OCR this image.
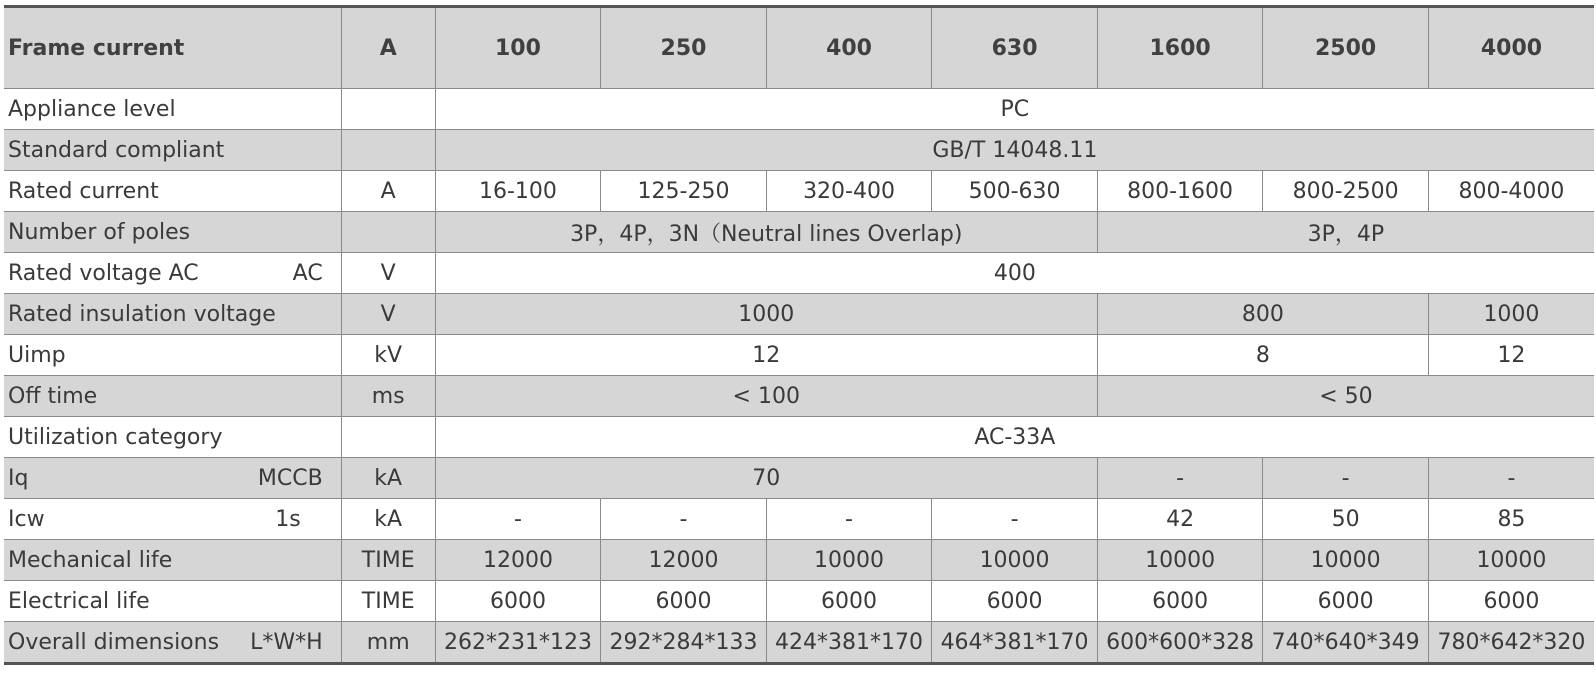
Frame current	A	100	250	400	630	1600	2500	4000
Appliance level		PC						
Standard compliant		GB/T 14048.11						
Rated current	A	16-100	125-250	320-400	500-630	800-1600	800-2500	800-4000
Number of poles		3P，4P，3N（Neutral lines Overlap)				3P，4P		

Rated voltage AC AC	V	400						
Rated insulation voltage	V	1000				800		1000
Uimp	kV	12				8		12
Off time	ms	< 100				< 50		
Utilization category		AC-33A						

Iq MCCB	kA	70				-	-	-

Icw 1s	kA	-	-	-	-	42	50	85
Mechanical life	TIME	12000	12000	10000	10000	10000	10000	10000
Electrical life	TIME	6000	6000	6000	6000	6000	6000	6000

Overall dimensions L*W*H	mm	262*231*123	292*284*133	424*381*170	464*381*170	600*600*328	740*640*349	780*642*320
